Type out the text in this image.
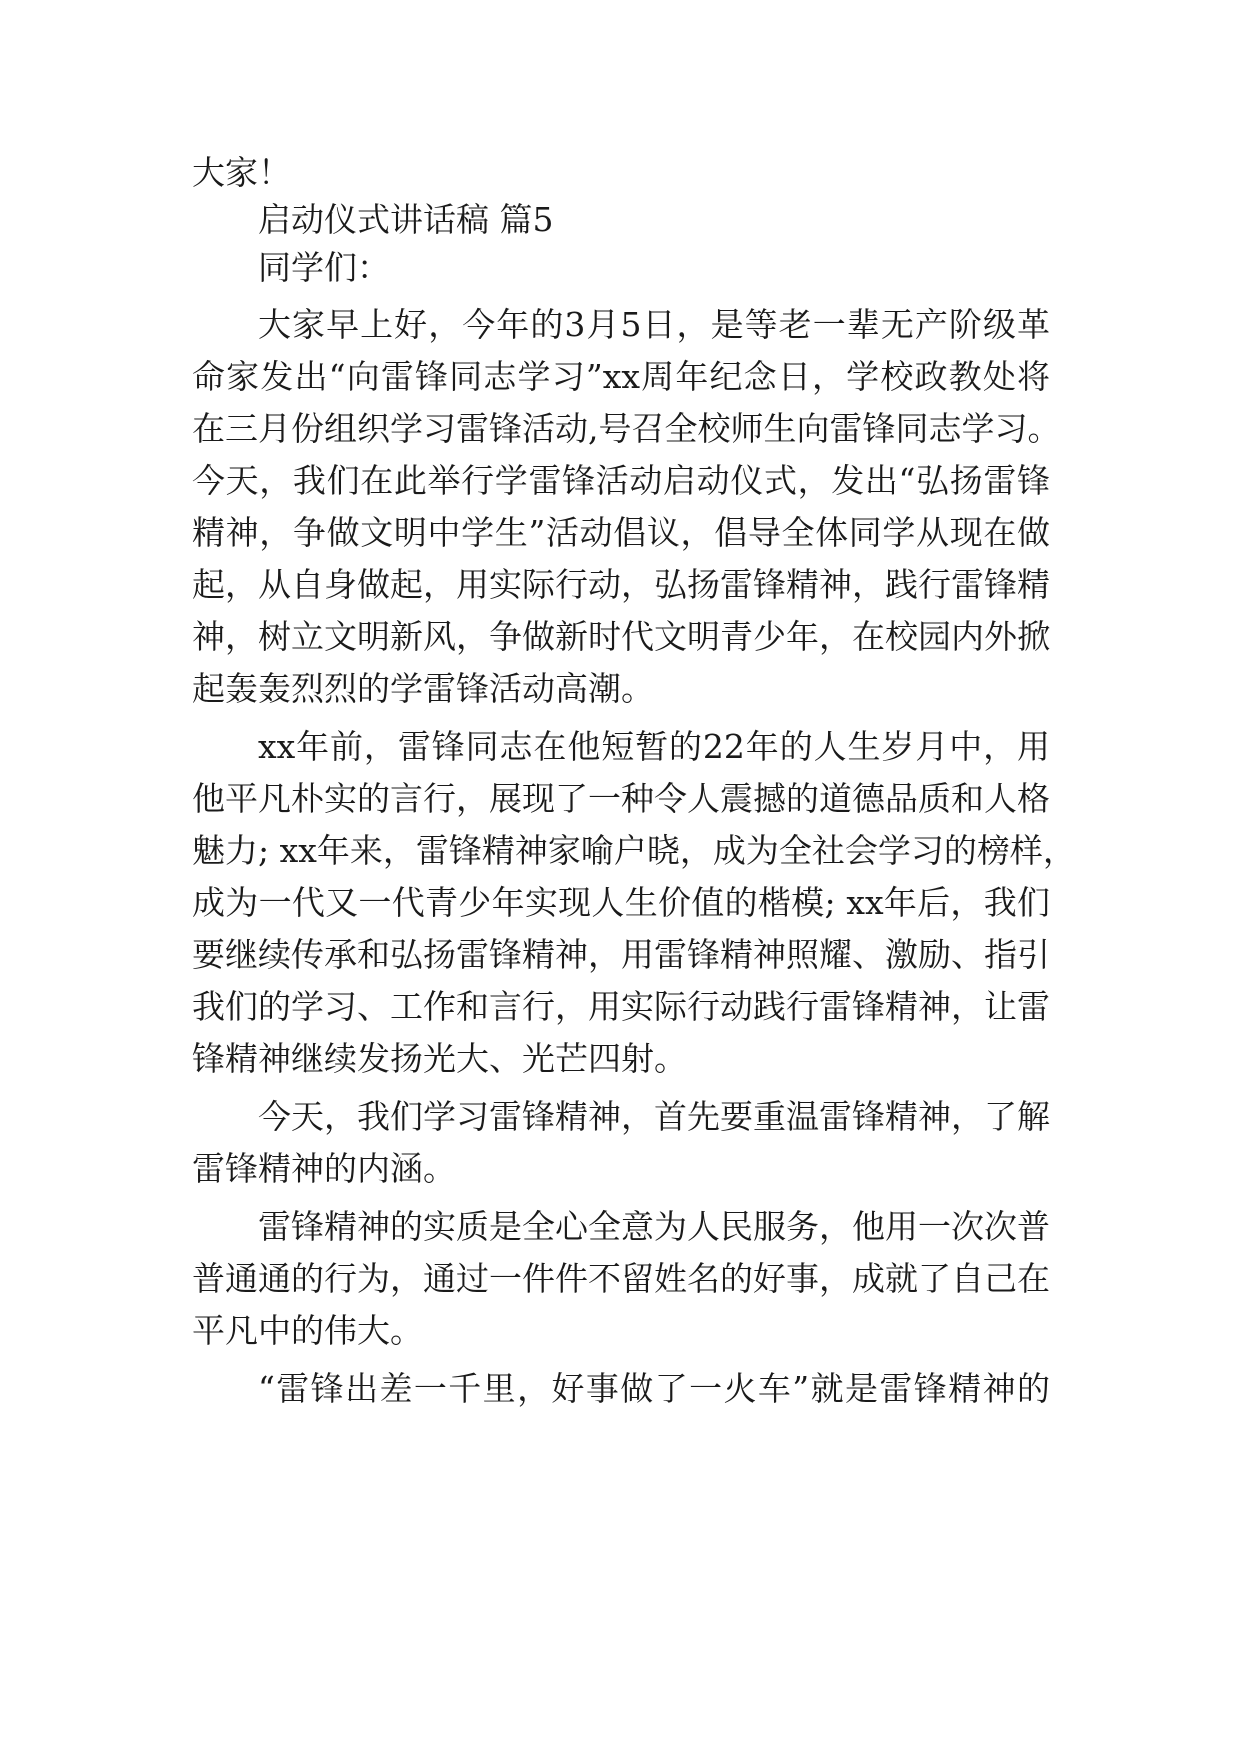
大家！
启动仪式讲话稿 篇5
同学们：
大家早上好，今年的3月5日，是等老一辈无产阶级革
命家发出“向雷锋同志学习”xx周年纪念日，学校政教处将
在三月份组织学习雷锋活动,号召全校师生向雷锋同志学习。
今天，我们在此举行学雷锋活动启动仪式，发出“弘扬雷锋
精神，争做文明中学生”活动倡议，倡导全体同学从现在做
起，从自身做起，用实际行动，弘扬雷锋精神，践行雷锋精
神，树立文明新风，争做新时代文明青少年，在校园内外掀
起轰轰烈烈的学雷锋活动高潮。
xx年前，雷锋同志在他短暂的22年的人生岁月中，用
他平凡朴实的言行，展现了一种令人震撼的道德品质和人格
魅力; xx年来，雷锋精神家喻户晓，成为全社会学习的榜样，
成为一代又一代青少年实现人生价值的楷模; xx年后，我们
要继续传承和弘扬雷锋精神，用雷锋精神照耀、激励、指引
我们的学习、工作和言行，用实际行动践行雷锋精神，让雷
锋精神继续发扬光大、光芒四射。
今天，我们学习雷锋精神，首先要重温雷锋精神，了解
雷锋精神的内涵。
雷锋精神的实质是全心全意为人民服务，他用一次次普
普通通的行为，通过一件件不留姓名的好事，成就了自己在
平凡中的伟大。
“雷锋出差一千里，好事做了一火车”就是雷锋精神的
